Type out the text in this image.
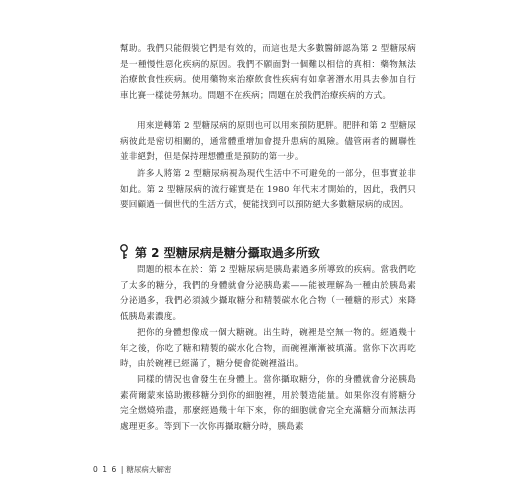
幫助。我們只能假裝它們是有效的，而這也是大多數醫師認為第 2 型糖尿病是一種慢性惡化疾病的原因。我們不願面對一個難以相信的真相：藥物無法治療飲食性疾病。使用藥物來治療飲食性疾病有如拿著潛水用具去參加自行車比賽一樣徒勞無功。問題不在疾病；問題在於我們治療疾病的方式。

用來逆轉第 2 型糖尿病的原則也可以用來預防肥胖。肥胖和第 2 型糖尿病彼此是密切相關的，通常體重增加會提升患病的風險。儘管兩者的關聯性並非絕對，但是保持理想體重是預防的第一步。

許多人將第 2 型糖尿病視為現代生活中不可避免的一部分，但事實並非如此。第 2 型糖尿病的流行確實是在 1980 年代末才開始的，因此，我們只要回顧過一個世代的生活方式，便能找到可以預防絕大多數糖尿病的成因。

第 2 型糖尿病是糖分攝取過多所致

問題的根本在於：第 2 型糖尿病是胰島素過多所導致的疾病。當我們吃了太多的糖分，我們的身體就會分泌胰島素——能被理解為一種由於胰島素分泌過多，我們必須減少攝取糖分和精製碳水化合物（一種糖的形式）來降低胰島素濃度。

把你的身體想像成一個大糖碗。出生時，碗裡是空無一物的。經過幾十年之後，你吃了糖和精製的碳水化合物，而碗裡漸漸被填滿。當你下次再吃時，由於碗裡已經滿了，糖分便會從碗裡溢出。

同樣的情況也會發生在身體上。當你攝取糖分，你的身體就會分泌胰島素荷爾蒙來協助搬移糖分到你的細胞裡，用於製造能量。如果你沒有將糖分完全燃燒殆盡，那麼經過幾十年下來，你的細胞就會完全充滿糖分而無法再處理更多。等到下一次你再攝取糖分時，胰島素

016 | 糖尿病大解密
